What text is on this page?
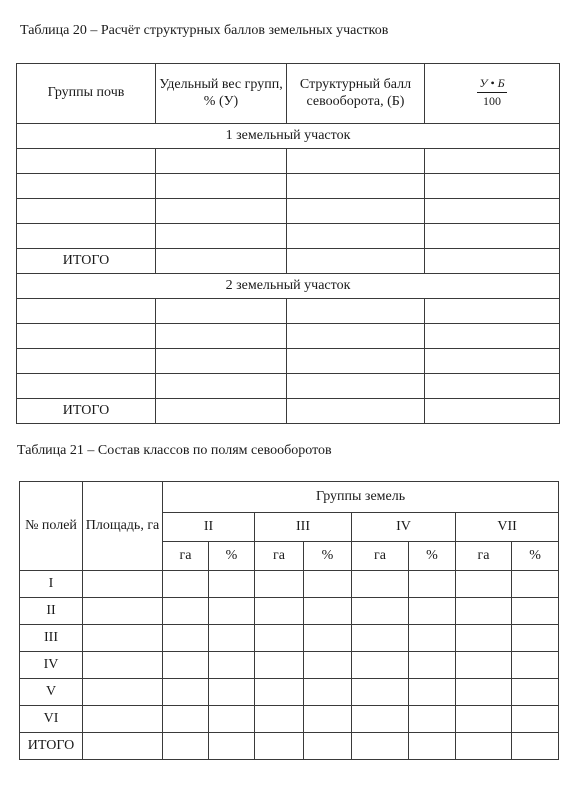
Таблица 20 – Расчёт структурных баллов земельных участков
Группы почв	Удельный вес групп, % (У)	Структурный балл севооборота, (Б)	$\frac{У • Б}{100}$

1 земельный участок			

ИТОГО			
2 земельный участок			

ИТОГО			
Таблица 21 – Состав классов по полям севооборотов
№ полей	Площадь, га	Группы земель							
		II		III		IV		VII	
		га	%	га	%	га	%	га	%
I									
II									
III									
IV									
V									
VI									
ИТОГО									
